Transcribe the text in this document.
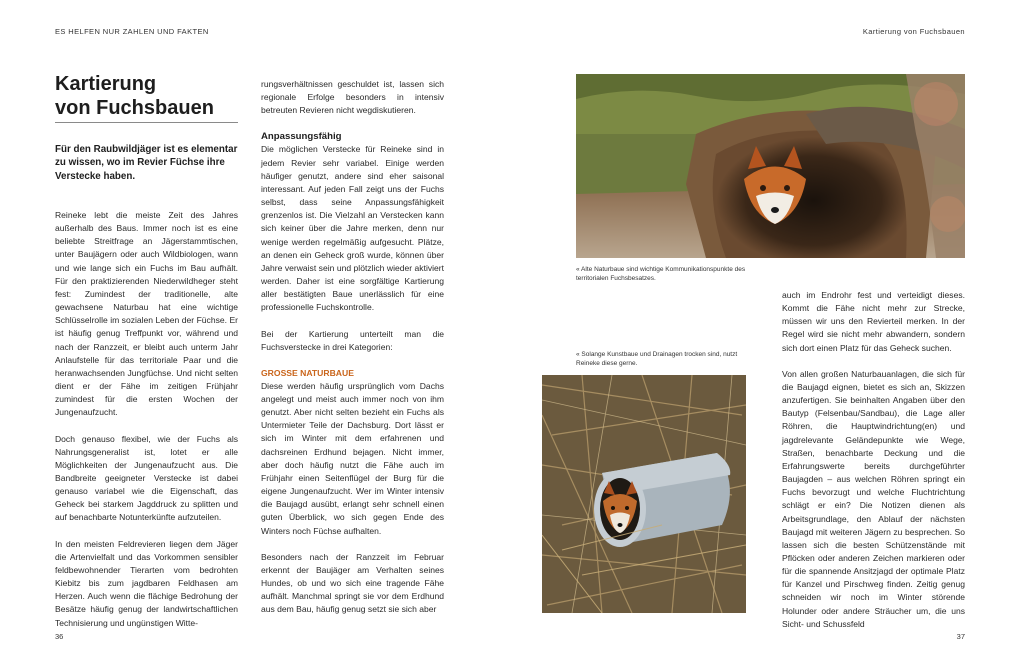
ES HELFEN NUR ZAHLEN UND FAKTEN	Kartierung von Fuchsbauen
Kartierung
von Fuchsbauen

Für den Raubwildjäger ist es elementar zu wissen, wo im Revier Füchse ihre Verstecke haben.

Reineke lebt die meiste Zeit des Jahres außerhalb des Baus. Immer noch ist es eine beliebte Streitfrage an Jägerstammtischen, unter Baujägern oder auch Wildbiologen, wann und wie lange sich ein Fuchs im Bau aufhält. Für den praktizierenden Niederwildheger steht fest: Zumindest der traditionelle, alte gewachsene Naturbau hat eine wichtige Schlüsselrolle im sozialen Leben der Füchse. Er ist häufig genug Treffpunkt vor, während und nach der Ranzzeit, er bleibt auch unterm Jahr Anlaufstelle für das territoriale Paar und die heranwachsenden Jungfüchse. Und nicht selten dient er der Fähe im zeitigen Frühjahr zumindest für die ersten Wochen der Jungenaufzucht.

Doch genauso flexibel, wie der Fuchs als Nahrungsgeneralist ist, lotet er alle Möglichkeiten der Jungenaufzucht aus. Die Bandbreite geeigneter Verstecke ist dabei genauso variabel wie die Eigenschaft, das Geheck bei starkem Jagddruck zu splitten und auf benachbarte Notunterkünfte aufzuteilen.

In den meisten Feldrevieren liegen dem Jäger die Artenvielfalt und das Vorkommen sensibler feldbewohnender Tierarten vom bedrohten Kiebitz bis zum jagdbaren Feldhasen am Herzen. Auch wenn die flächige Bedrohung der Besätze häufig genug der landwirtschaftlichen Technisierung und ungünstigen Witte-

rungsverhältnissen geschuldet ist, lassen sich regionale Erfolge besonders in intensiv betreuten Revieren nicht wegdiskutieren.

Anpassungsfähig

Die möglichen Verstecke für Reineke sind in jedem Revier sehr variabel. Einige werden häufiger genutzt, andere sind eher saisonal interessant. Auf jeden Fall zeigt uns der Fuchs selbst, dass seine Anpassungsfähigkeit grenzenlos ist. Die Vielzahl an Verstecken kann sich keiner über die Jahre merken, denn nur wenige werden regelmäßig aufgesucht. Plätze, an denen ein Geheck groß wurde, können über Jahre verwaist sein und plötzlich wieder aktiviert werden. Daher ist eine sorgfältige Kartierung aller bestätigten Baue unerlässlich für eine professionelle Fuchskontrolle.

Bei der Kartierung unterteilt man die Fuchsverstecke in drei Kategorien:

GROSSE NATURBAUE

Diese werden häufig ursprünglich vom Dachs angelegt und meist auch immer noch von ihm genutzt. Aber nicht selten bezieht ein Fuchs als Untermieter Teile der Dachsburg. Dort lässt er sich im Winter mit dem erfahrenen und dachsreinen Erdhund bejagen. Nicht immer, aber doch häufig nutzt die Fähe auch im Frühjahr einen Seitenflügel der Burg für die eigene Jungenaufzucht. Wer im Winter intensiv die Baujagd ausübt, erlangt sehr schnell einen guten Überblick, wo sich gegen Ende des Winters noch Füchse aufhalten.

Besonders nach der Ranzzeit im Februar erkennt der Baujäger am Verhalten seines Hundes, ob und wo sich eine tragende Fähe aufhält. Manchmal springt sie vor dem Erdhund aus dem Bau, häufig genug setzt sie sich aber

« Alte Naturbaue sind wichtige Kommunikationspunkte des territorialen Fuchsbesatzes.

« Solange Kunstbaue und Drainagen trocken sind, nutzt Reineke diese gerne.

auch im Endrohr fest und verteidigt dieses. Kommt die Fähe nicht mehr zur Strecke, müssen wir uns den Revierteil merken. In der Regel wird sie nicht mehr abwandern, sondern sich dort einen Platz für das Geheck suchen.

Von allen großen Naturbauanlagen, die sich für die Baujagd eignen, bietet es sich an, Skizzen anzufertigen. Sie beinhalten Angaben über den Bautyp (Felsenbau/Sandbau), die Lage aller Röhren, die Hauptwindrichtung(en) und jagdrelevante Geländepunkte wie Wege, Straßen, benachbarte Deckung und die Erfahrungswerte bereits durchgeführter Baujagden – aus welchen Röhren springt ein Fuchs bevorzugt und welche Fluchtrichtung schlägt er ein? Die Notizen dienen als Arbeitsgrundlage, den Ablauf der nächsten Baujagd mit weiteren Jägern zu besprechen. So lassen sich die besten Schützenstände mit Pflöcken oder anderen Zeichen markieren oder für die spannende Ansitzjagd der optimale Platz für Kanzel und Pirschweg finden. Zeitig genug schneiden wir noch im Winter störende Holunder oder andere Sträucher um, die uns Sicht- und Schussfeld

36	37
